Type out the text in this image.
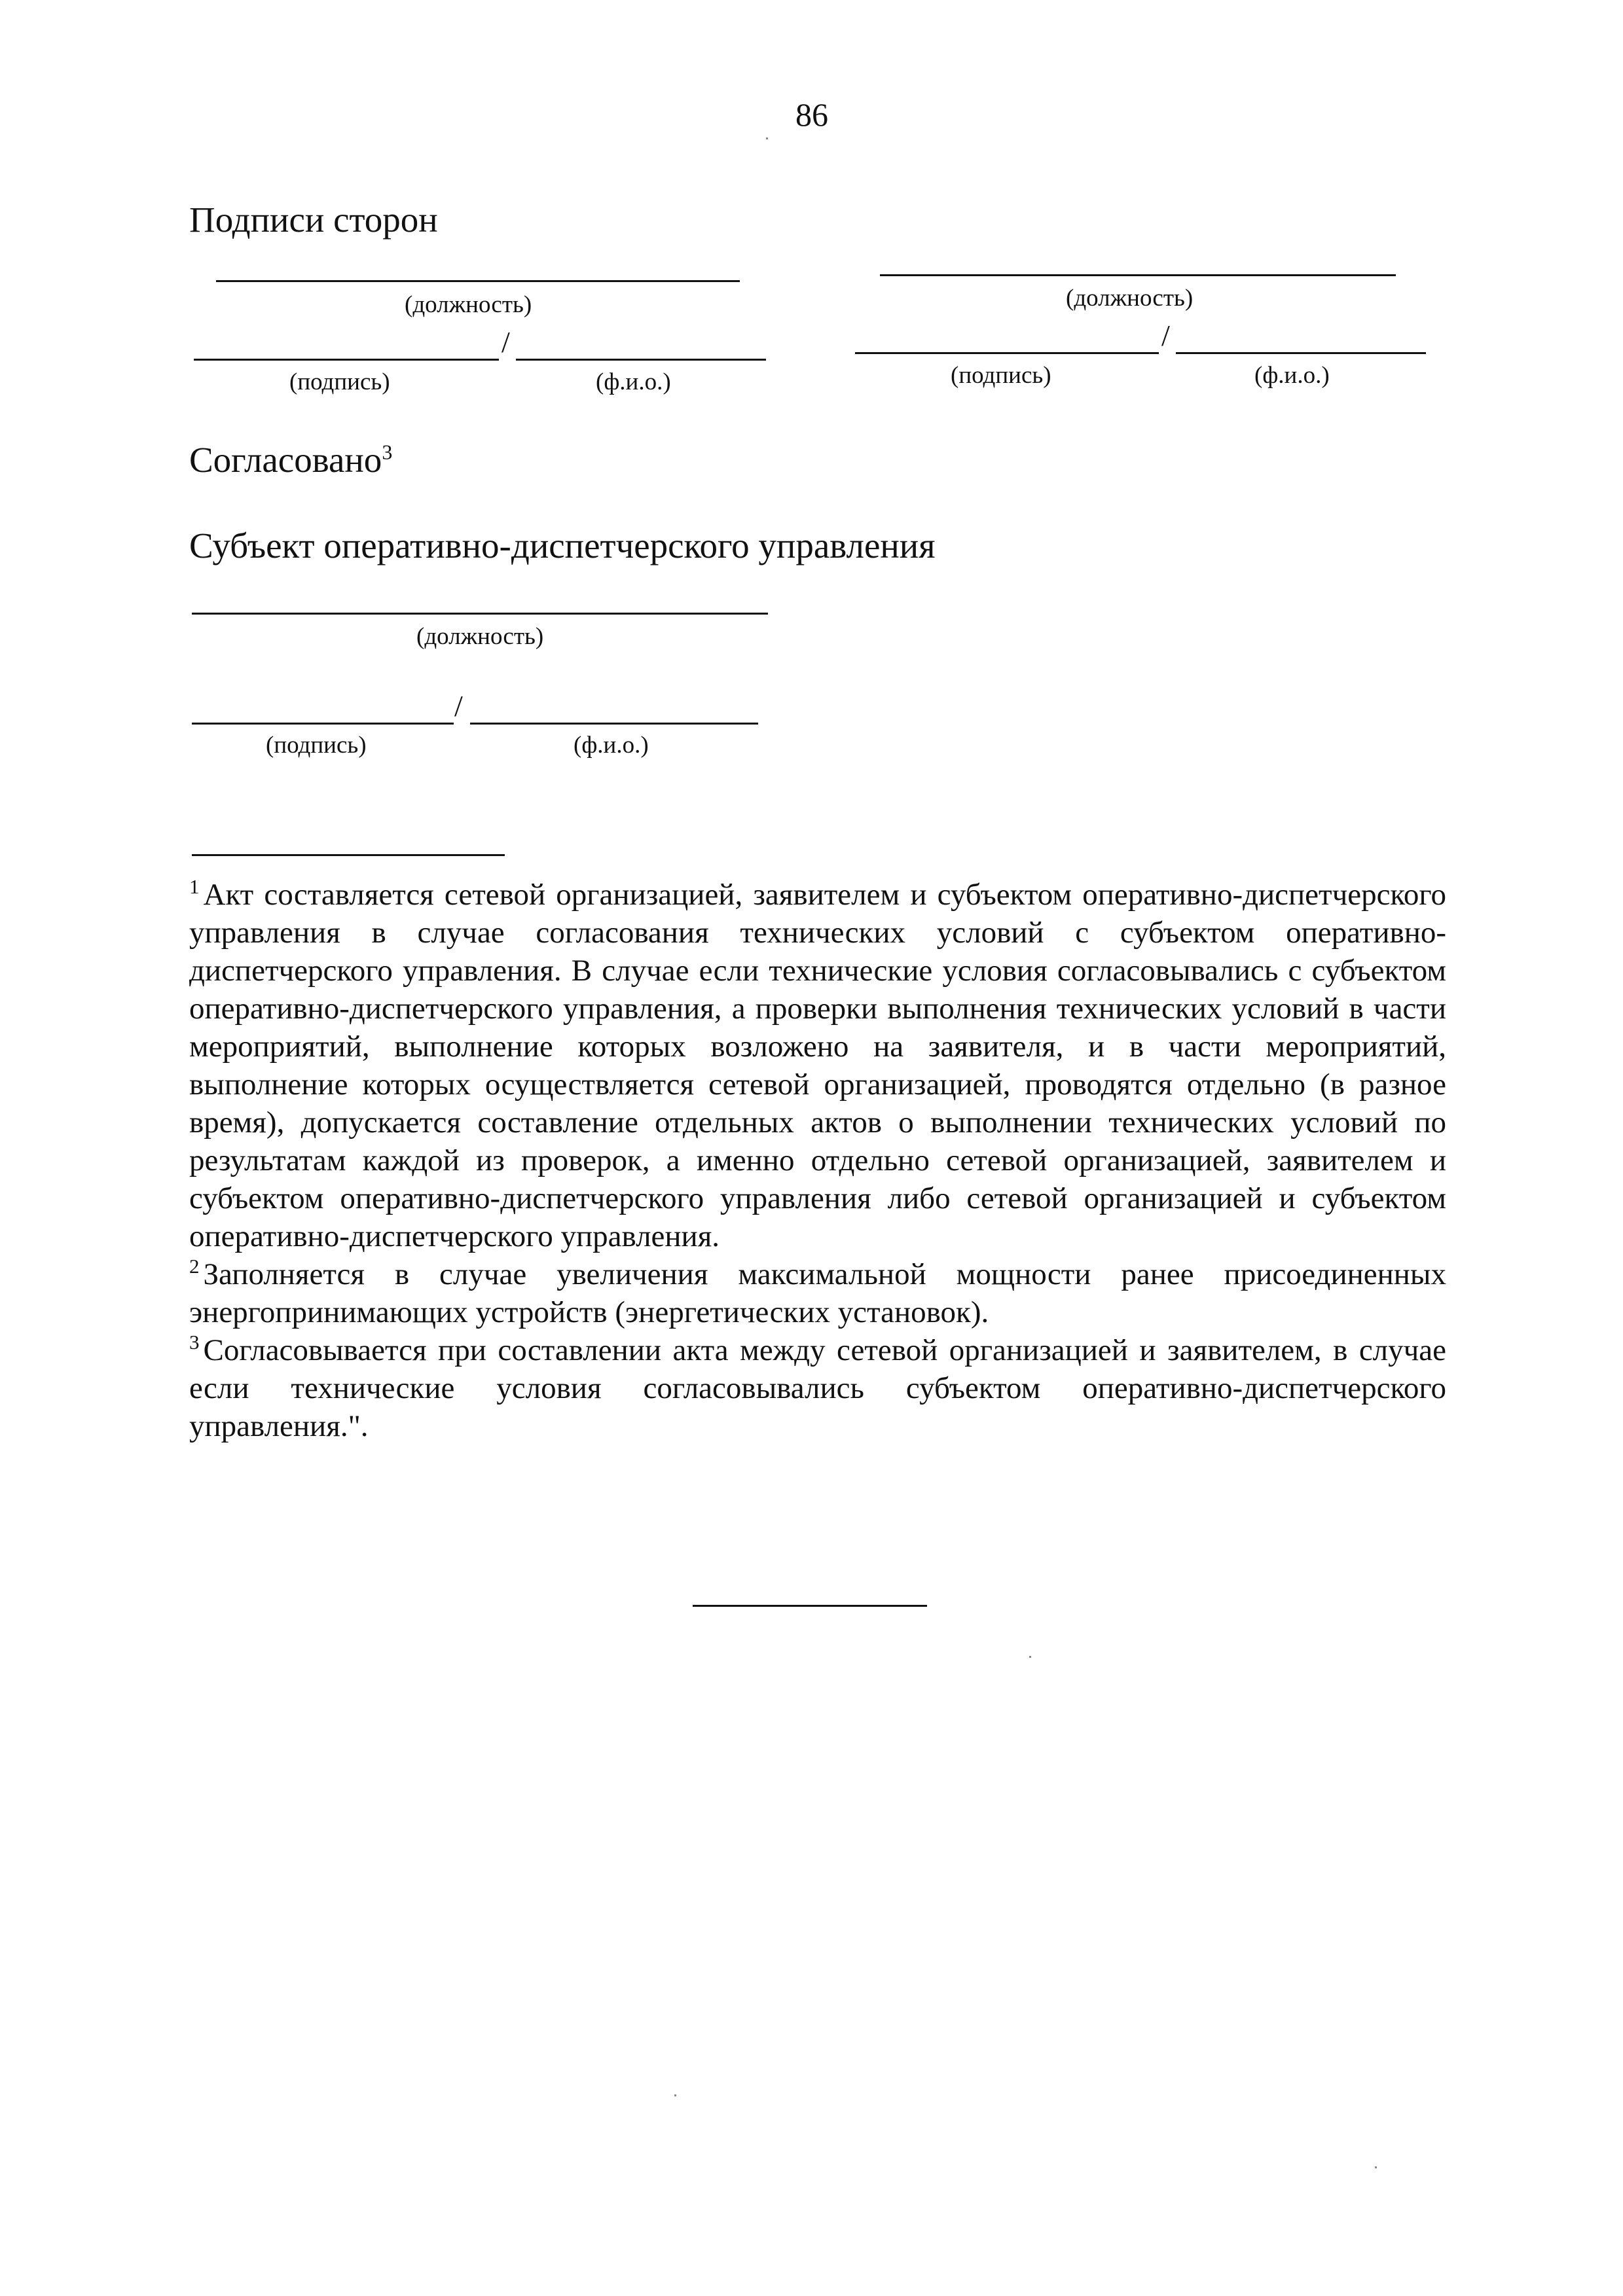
86
Подписи сторон
(должность)
/
(подпись)	(ф.и.о.)
(должность)
/
(подпись)	(ф.и.о.)
Согласовано$^3$
Субъект оперативно-диспетчерского управления
(должность)
/
(подпись)	(ф.и.о.)

$^1$ Акт составляется сетевой организацией, заявителем и субъектом оперативно-диспетчерского управления в случае согласования технических условий с субъектом оперативно-диспетчерского управления. В случае если технические условия согласовывались с субъектом оперативно-диспетчерского управления, а проверки выполнения технических условий в части мероприятий, выполнение которых возложено на заявителя, и в части мероприятий, выполнение которых осуществляется сетевой организацией, проводятся отдельно (в разное время), допускается составление отдельных актов о выполнении технических условий по результатам каждой из проверок, а именно отдельно сетевой организацией, заявителем и субъектом оперативно-диспетчерского управления либо сетевой организацией и субъектом оперативно-диспетчерского управления.

$^2$ Заполняется в случае увеличения максимальной мощности ранее присоединенных энергопринимающих устройств (энергетических установок).

$^3$ Согласовывается при составлении акта между сетевой организацией и заявителем, в случае если технические условия согласовывались субъектом оперативно-диспетчерского управления.".
